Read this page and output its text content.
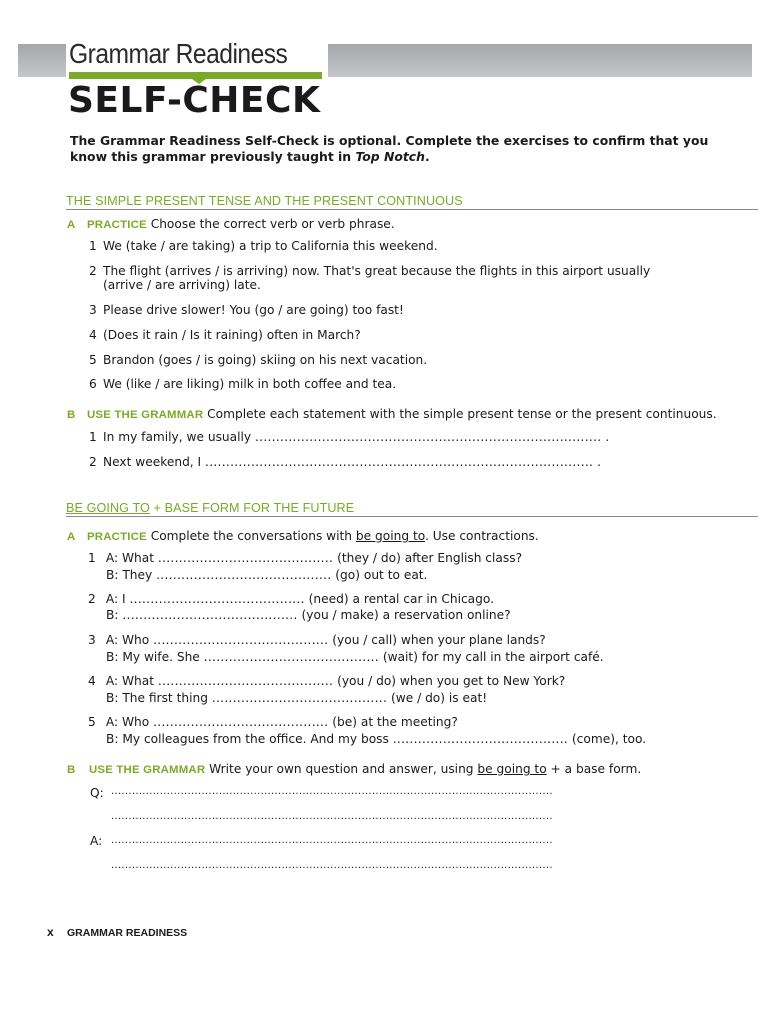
Grammar Readiness
SELF-CHECK
The Grammar Readiness Self-Check is optional. Complete the exercises to confirm that you
know this grammar previously taught in Top Notch.
THE SIMPLE PRESENT TENSE AND THE PRESENT CONTINUOUS
A PRACTICE Choose the correct verb or verb phrase.
1 We (take / are taking) a trip to California this weekend.
2 The flight (arrives / is arriving) now. That's great because the flights in this airport usually
(arrive / are arriving) late.
3 Please drive slower! You (go / are going) too fast!
4 (Does it rain / Is it raining) often in March?
5 Brandon (goes / is going) skiing on his next vacation.
6 We (like / are liking) milk in both coffee and tea.
B USE THE GRAMMAR Complete each statement with the simple present tense or the present continuous.
1 In my family, we usually ................................................................................... .
2 Next weekend, I ............................................................................................. .
BE GOING TO + BASE FORM FOR THE FUTURE
A PRACTICE Complete the conversations with be going to. Use contractions.
1 A: What .......................................... (they / do) after English class?
B: They .......................................... (go) out to eat.
2 A: I .......................................... (need) a rental car in Chicago.
B: .......................................... (you / make) a reservation online?
3 A: Who .......................................... (you / call) when your plane lands?
B: My wife. She .......................................... (wait) for my call in the airport café.
4 A: What .......................................... (you / do) when you get to New York?
B: The first thing .......................................... (we / do) is eat!
5 A: Who .......................................... (be) at the meeting?
B: My colleagues from the office. And my boss .......................................... (come), too.
B USE THE GRAMMAR Write your own question and answer, using be going to + a base form.
Q: ...............................................................................................................................
...............................................................................................................................
A: ...............................................................................................................................
...............................................................................................................................
x GRAMMAR READINESS
